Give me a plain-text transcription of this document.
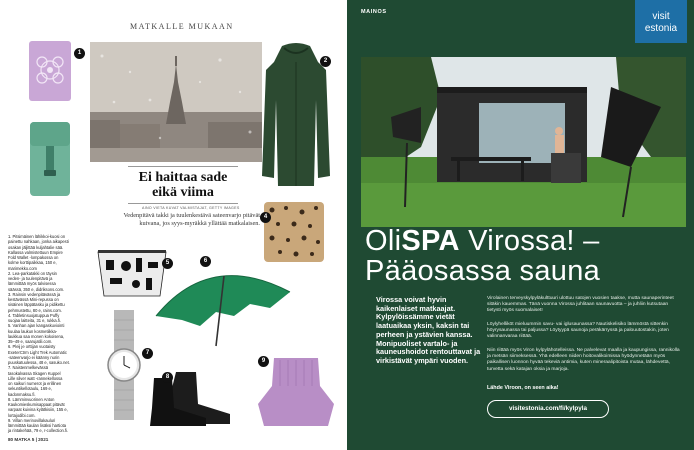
MATKALLE MUKAAN
1
2
Ei haittaa sade
eikä viima
AINO VIETA KUVAT VALMISTAJAT, GETTY IMAGES
Vedenpitävä takki ja tuulenkestävä sateenvarjo pitävät kuivana, jos syys-myräkkä yllättää matkalaisen.
4
5	6
7
8
9

1. Pitsimäinen lähikkoi-kuosi on

painettu nahkaan, jonka aikapesti

osakan jäljittää kuljahtalie sää.

Kallassa valmistettuun Empire

Fold Wallet -lompakossa on

kolme korttipaikkaa, 150 e,

marimekko.com

2. Lea-parkatakki on täysin

veden- ja tuulenpitävä ja

lämmittää myös talvisessa

säässä, 350 e, didriksons.com.

3. Rainsin vedenpitävässä ja

kestävässä Mini-repussa on

sisäinen läppätasku ja pidikettu

pehmustettu, 80 e, rains.com.

4. Tabletinsuojatuppua Puffy

suojaa laitteita, 31 e, rukka.fi.

5. Vanhan ajan kangaskuviointi

kuulaa laukun kosmetiikka-

laukkua saa monen kokoisena,

35–49 e, saarujatili.com.

6. Pleij je orttijan vuotaisty

ExeterCtrm Light Trek Automatic

-sateenvarjo ei käänny nurin

puuskatuulessa, 48 e, sasuko.net.

7. Naistenmelkevässä

tasokalvassa Skagen Kuppel

Lille silver watt -rannekellossa

on saikuri numerot ja erillinen

sekuntikellotaulu, 169 e,

kadonmaksu.fi.

8. Lämminvuorinen Anton

Kaukomieskumisappaat pitävät

varpaat kuivina kylätkisiin, 155 e,

lortajodibi.com.

9. Villan merinovillakauluri

lämmittää kaulan lisäksi hartiota

ja rintakehää, 79 e, r-collection.fi.

80 MATKA 5 | 2021
MAINOS	visit
estonia
OliSPA Virossa! –
Pääosassa sauna
Virossa voivat hyvin kaikenlaiset matkaajat. Kylpylöissämme vietät laatuaikaa yksin, kaksin tai perheen ja ystävien kanssa. Monipuoliset vartalo- ja kauneushoidot rentouttavat ja virkistävät ympäri vuoden.
Virolainen terveyskylpyläkulttuuri ulottuu satojen vuosien taakse, mutta saunaperinteet sitäkin kauemmas. Tänä vuonna Virossa juhlitaan saunavuotta – ja juhliin kutsutaan tietysti myös suomalaiset!
Löylyhelliköt mieluummin savu- vai iglusaunassa? Nautiskelisiko lämmöstä sittenkin höyrysaunassa tai paljussa? Löytyypä saunoja peräkärryssä ja palouutostakin, joten valinnanvaraa riittää.
Niin riittää myös Viron kylpylähotelleissa. Ne palvelevat maalla ja kaupungissa, rannikolla ja metsän siimeksessä. Yhä edelleen niiden hoitovalikoimissa hyödynnetään myös paikallisen luonnon hyvää tekeviä antimia, kuten mineraalipitoista mutaa, lähdevettä, turvetta sekä katajan oksia ja marjoja.
Lähde Viroon, on seen aika!
visitestonia.com/fi/kylpyla
